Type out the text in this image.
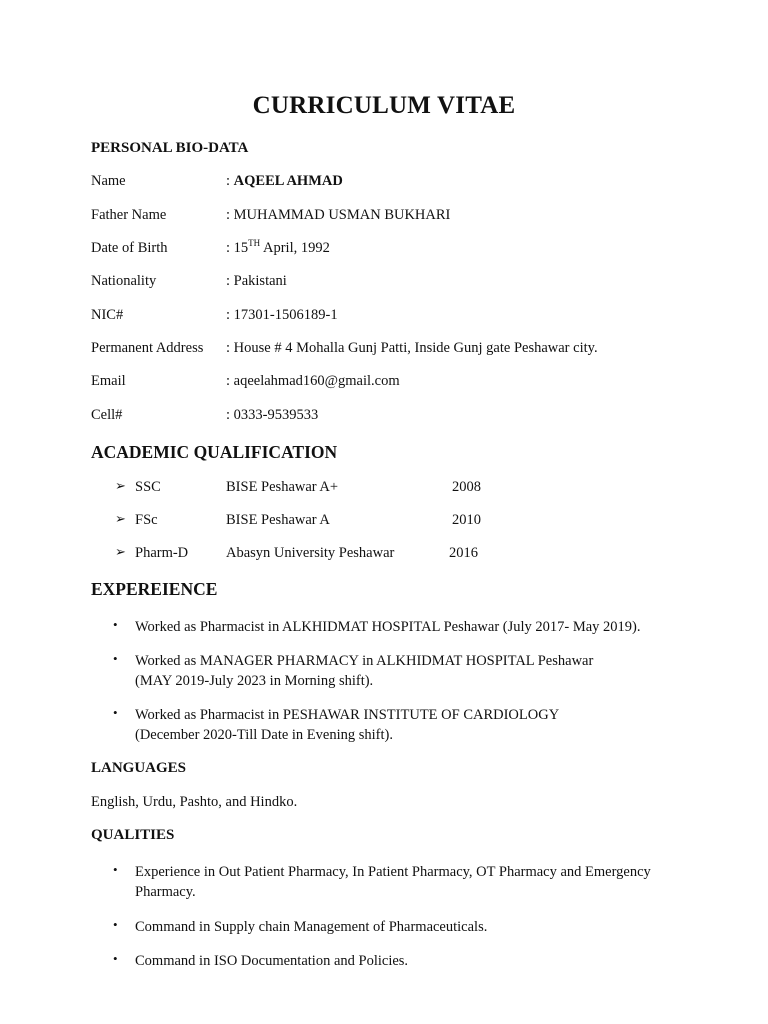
CURRICULUM VITAE
PERSONAL BIO-DATA
Name	: AQEEL AHMAD
Father Name	: MUHAMMAD USMAN BUKHARI
Date of Birth	: 15TH April, 1992
Nationality	: Pakistani
NIC#	: 17301-1506189-1
Permanent Address : House # 4 Mohalla Gunj Patti, Inside Gunj gate Peshawar city.
Email	: aqeelahmad160@gmail.com
Cell#	: 0333-9539533
ACADEMIC QUALIFICATION
➢ SSC	BISE Peshawar A+	2008
➢ FSc	BISE Peshawar A	2010
➢ Pharm-D	Abasyn University Peshawar	2016
EXPEREIENCE
• Worked as Pharmacist in ALKHIDMAT HOSPITAL Peshawar (July 2017- May 2019).
• Worked as MANAGER PHARMACY in ALKHIDMAT HOSPITAL Peshawar
(MAY 2019-July 2023 in Morning shift).
• Worked as Pharmacist in PESHAWAR INSTITUTE OF CARDIOLOGY
(December 2020-Till Date in Evening shift).
LANGUAGES
English, Urdu, Pashto, and Hindko.
QUALITIES
• Experience in Out Patient Pharmacy, In Patient Pharmacy, OT Pharmacy and Emergency
Pharmacy.
• Command in Supply chain Management of Pharmaceuticals.
• Command in ISO Documentation and Policies.
